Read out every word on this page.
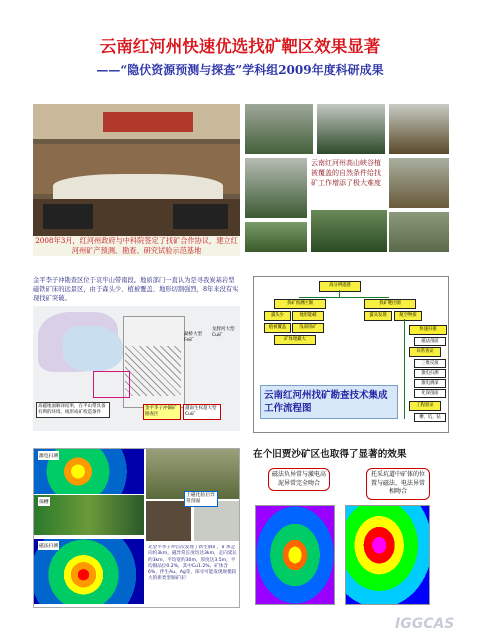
云南红河州快速优选找矿靶区效果显著
——“隐伏资源预测与探查”学科组2009年度科研成果
2008年3月，红河州政府与中科院签定了找矿合作协议，建立红河州矿产预测、勘查、研究试验示范基地
云南红河州高山峡谷植被覆盖的自然条件给找矿工作增添了极大难度
金平李子冲勘查区位于哀牢山带南段。地质部门一直认为是寻我炭基岩型磁铁矿床的远景区，由于森头少、植被覆盖、地形切割强烈，8年来没有实现找矿突破。
勐桥大型Fe矿
龙脖河大型Cu矿
高磁地面解译结果，在平山带具备有利的环境、线形成矿构造条件
金平李子冲铜矿勘查区
越南生权超大型Cu矿
高分辨遥感
找矿预测区圈	找矿靶区圈
露头少	地形陡峭
植被覆盖	浅部找矿
矿体埋藏大
露头发现	航空物探
快速扫描
磁法剖面
异常查证
三维反演
激电扫测
激电测深
化探剖面
工程验证
槽、坑、钻
云南红河州找矿勘查技术集成工作流程图
激电扫测
探槽
磁法扫测
上磁化验后异常剖面
北金平李子冲首次发现了新生铜矿，矿体走向约3km，磁异常长度均达3km，走向延长约3km，平均宽约30m，厚度达3.5m，平均铜品位0.2%，其中Cu1.2%、矿体含6%，伴生Au、Ag等，探寻可能发现规模较大的新类型铜矿床！
在个旧贾沙矿区也取得了显著的效果
磁法负异常与激电高泥异常完全吻合
托采坑道中矿体的位置与磁法、电法异常相吻合
IGGCAS
